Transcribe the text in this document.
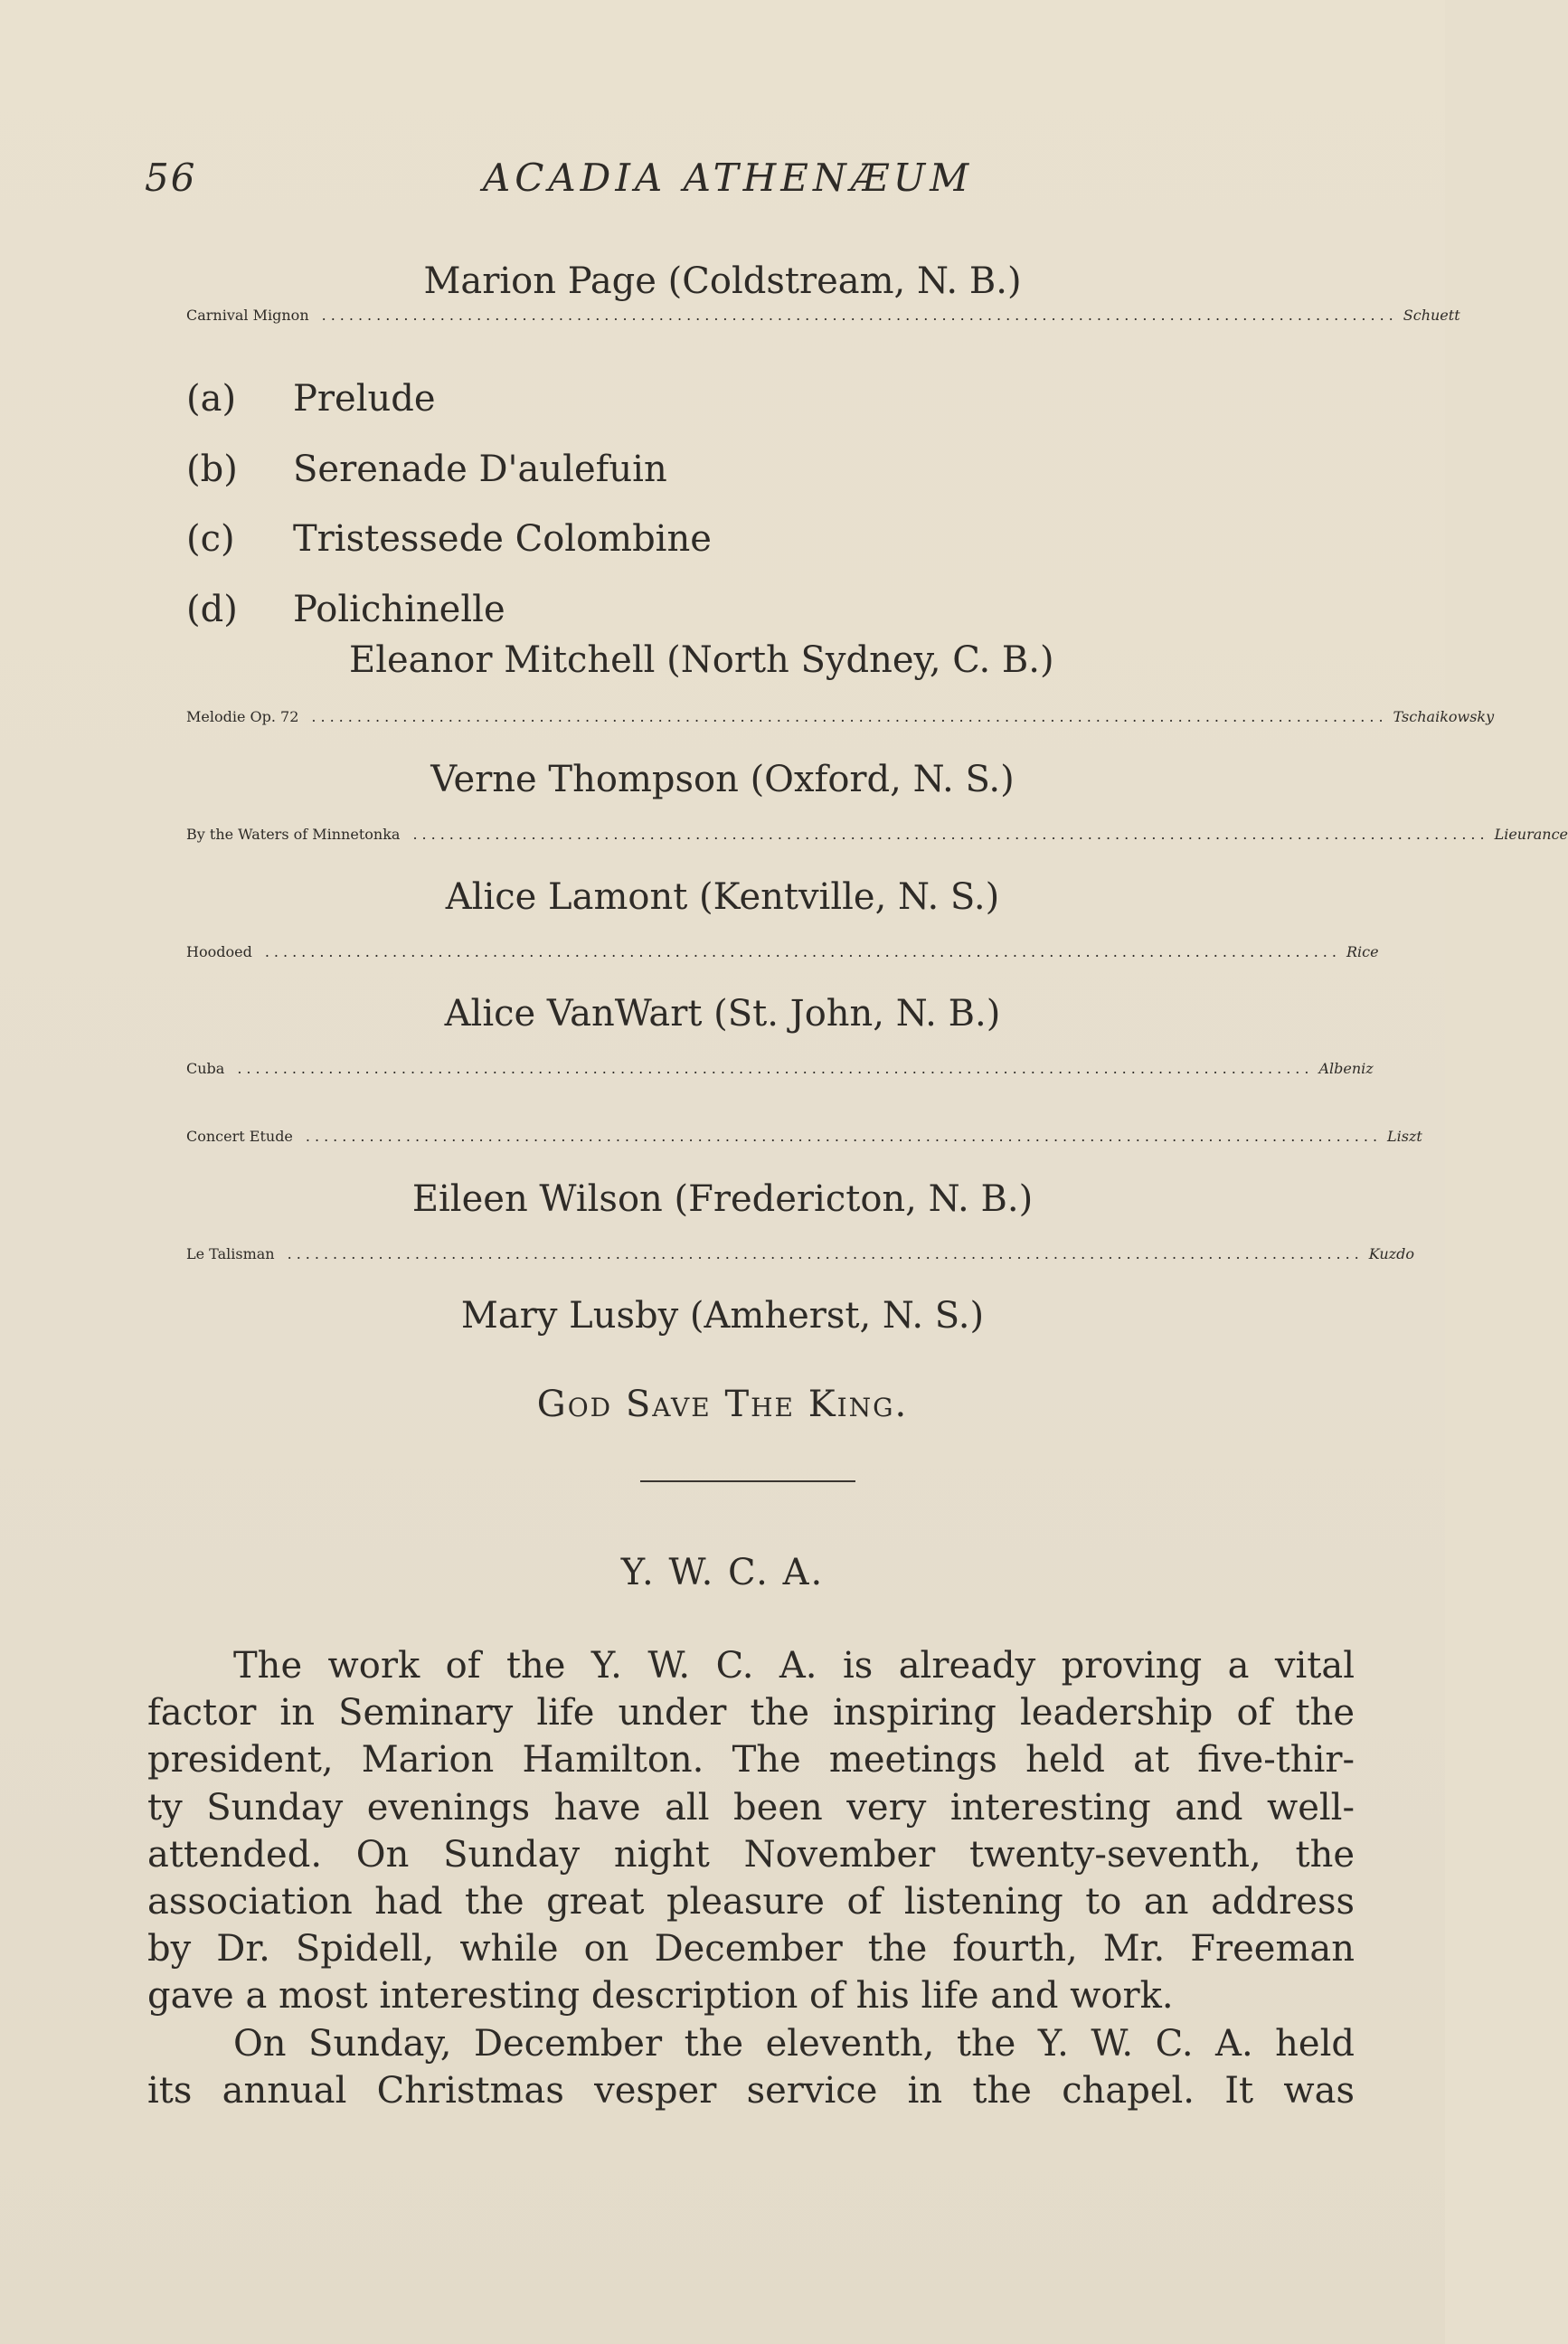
56	ACADIA ATHENÆUM
Marion Page (Coldstream, N. B.)
Carnival Mignon ...................................................................................................................... Schuett
(a) Prelude
(b) Serenade D'aulefuin
(c) Tristessede Colombine
(d) Polichinelle
Eleanor Mitchell (North Sydney, C. B.)
Melodie Op. 72 ...................................................................................................................... Tschaikowsky
Verne Thompson (Oxford, N. S.)
By the Waters of Minnetonka ...................................................................................................................... Lieurance
Alice Lamont (Kentville, N. S.)
Hoodoed ...................................................................................................................... Rice
Alice VanWart (St. John, N. B.)
Cuba ...................................................................................................................... Albeniz
Concert Etude ...................................................................................................................... Liszt
Eileen Wilson (Fredericton, N. B.)
Le Talisman ...................................................................................................................... Kuzdo
Mary Lusby (Amherst, N. S.)
God Save The King.
Y. W. C. A.
The work of the Y. W. C. A. is already proving a vital
factor in Seminary life under the inspiring leadership of the
president, Marion Hamilton. The meetings held at five-thir-
ty Sunday evenings have all been very interesting and well-
attended. On Sunday night November twenty-seventh, the
association had the great pleasure of listening to an address
by Dr. Spidell, while on December the fourth, Mr. Freeman
gave a most interesting description of his life and work.
On Sunday, December the eleventh, the Y. W. C. A. held
its annual Christmas vesper service in the chapel. It was
